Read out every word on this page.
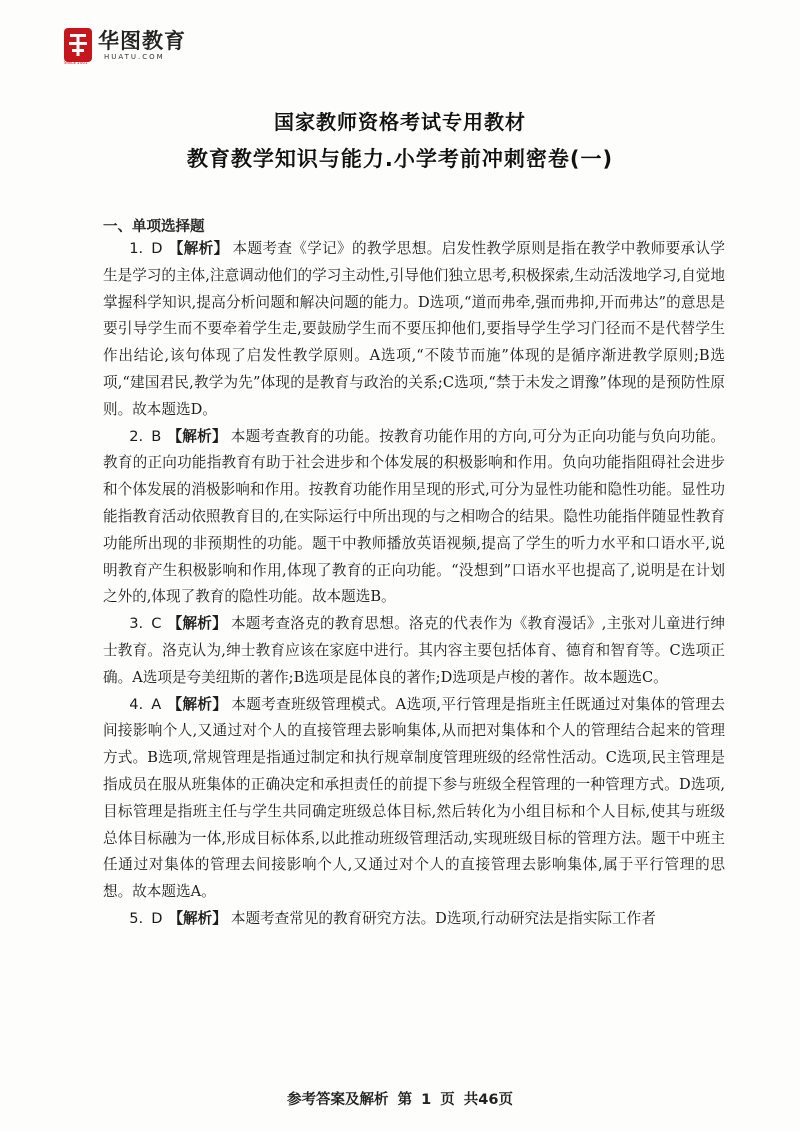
华图教育
HUATU.COM
SINCE 2001
国家教师资格考试专用教材
教育教学知识与能力.小学考前冲刺密卷(一)
一、单项选择题

1. D 【解析】 本题考查《学记》的教学思想。启发性教学原则是指在教学中教师要承认学生是学习的主体,注意调动他们的学习主动性,引导他们独立思考,积极探索,生动活泼地学习,自觉地掌握科学知识,提高分析问题和解决问题的能力。D选项,“道而弗牵,强而弗抑,开而弗达”的意思是要引导学生而不要牵着学生走,要鼓励学生而不要压抑他们,要指导学生学习门径而不是代替学生作出结论,该句体现了启发性教学原则。A选项,“不陵节而施”体现的是循序渐进教学原则;B选项,“建国君民,教学为先”体现的是教育与政治的关系;C选项,“禁于未发之谓豫”体现的是预防性原则。故本题选D。

2. B 【解析】 本题考查教育的功能。按教育功能作用的方向,可分为正向功能与负向功能。教育的正向功能指教育有助于社会进步和个体发展的积极影响和作用。负向功能指阻碍社会进步和个体发展的消极影响和作用。按教育功能作用呈现的形式,可分为显性功能和隐性功能。显性功能指教育活动依照教育目的,在实际运行中所出现的与之相吻合的结果。隐性功能指伴随显性教育功能所出现的非预期性的功能。题干中教师播放英语视频,提高了学生的听力水平和口语水平,说明教育产生积极影响和作用,体现了教育的正向功能。“没想到”口语水平也提高了,说明是在计划之外的,体现了教育的隐性功能。故本题选B。

3. C 【解析】 本题考查洛克的教育思想。洛克的代表作为《教育漫话》,主张对儿童进行绅士教育。洛克认为,绅士教育应该在家庭中进行。其内容主要包括体育、德育和智育等。C选项正确。A选项是夸美纽斯的著作;B选项是昆体良的著作;D选项是卢梭的著作。故本题选C。

4. A 【解析】 本题考查班级管理模式。A选项,平行管理是指班主任既通过对集体的管理去间接影响个人,又通过对个人的直接管理去影响集体,从而把对集体和个人的管理结合起来的管理方式。B选项,常规管理是指通过制定和执行规章制度管理班级的经常性活动。C选项,民主管理是指成员在服从班集体的正确决定和承担责任的前提下参与班级全程管理的一种管理方式。D选项,目标管理是指班主任与学生共同确定班级总体目标,然后转化为小组目标和个人目标,使其与班级总体目标融为一体,形成目标体系,以此推动班级管理活动,实现班级目标的管理方法。题干中班主任通过对集体的管理去间接影响个人,又通过对个人的直接管理去影响集体,属于平行管理的思想。故本题选A。

5. D 【解析】 本题考查常见的教育研究方法。D选项,行动研究法是指实际工作者

参考答案及解析 第 1 页 共46页
